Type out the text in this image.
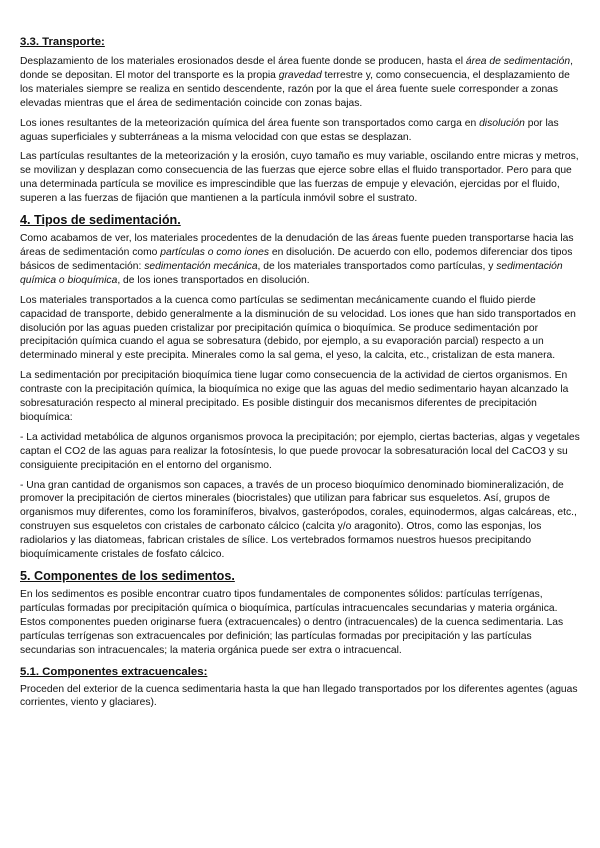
3.3. Transporte:

Desplazamiento de los materiales erosionados desde el área fuente donde se producen, hasta el área de sedimentación, donde se depositan. El motor del transporte es la propia gravedad terrestre y, como consecuencia, el desplazamiento de los materiales siempre se realiza en sentido descendente, razón por la que el área fuente suele corresponder a zonas elevadas mientras que el área de sedimentación coincide con zonas bajas.

Los iones resultantes de la meteorización química del área fuente son transportados como carga en disolución por las aguas superficiales y subterráneas a la misma velocidad con que estas se desplazan.

Las partículas resultantes de la meteorización y la erosión, cuyo tamaño es muy variable, oscilando entre micras y metros, se movilizan y desplazan como consecuencia de las fuerzas que ejerce sobre ellas el fluido transportador. Pero para que una determinada partícula se movilice es imprescindible que las fuerzas de empuje y elevación, ejercidas por el fluido, superen a las fuerzas de fijación que mantienen a la partícula inmóvil sobre el sustrato.

4. Tipos de sedimentación.

Como acabamos de ver, los materiales procedentes de la denudación de las áreas fuente pueden transportarse hacia las áreas de sedimentación como partículas o como iones en disolución. De acuerdo con ello, podemos diferenciar dos tipos básicos de sedimentación: sedimentación mecánica, de los materiales transportados como partículas, y sedimentación química o bioquímica, de los iones transportados en disolución.

Los materiales transportados a la cuenca como partículas se sedimentan mecánicamente cuando el fluido pierde capacidad de transporte, debido generalmente a la disminución de su velocidad. Los iones que han sido transportados en disolución por las aguas pueden cristalizar por precipitación química o bioquímica. Se produce sedimentación por precipitación química cuando el agua se sobresatura (debido, por ejemplo, a su evaporación parcial) respecto a un determinado mineral y este precipita. Minerales como la sal gema, el yeso, la calcita, etc., cristalizan de esta manera.

La sedimentación por precipitación bioquímica tiene lugar como consecuencia de la actividad de ciertos organismos. En contraste con la precipitación química, la bioquímica no exige que las aguas del medio sedimentario hayan alcanzado la sobresaturación respecto al mineral precipitado. Es posible distinguir dos mecanismos diferentes de precipitación bioquímica:

- La actividad metabólica de algunos organismos provoca la precipitación; por ejemplo, ciertas bacterias, algas y vegetales captan el CO2 de las aguas para realizar la fotosíntesis, lo que puede provocar la sobresaturación local del CaCO3 y su consiguiente precipitación en el entorno del organismo.

- Una gran cantidad de organismos son capaces, a través de un proceso bioquímico denominado biomineralización, de promover la precipitación de ciertos minerales (biocristales) que utilizan para fabricar sus esqueletos. Así, grupos de organismos muy diferentes, como los foraminíferos, bivalvos, gasterópodos, corales, equinodermos, algas calcáreas, etc., construyen sus esqueletos con cristales de carbonato cálcico (calcita y/o aragonito). Otros, como las esponjas, los radiolarios y las diatomeas, fabrican cristales de sílice. Los vertebrados formamos nuestros huesos precipitando bioquímicamente cristales de fosfato cálcico.

5. Componentes de los sedimentos.

En los sedimentos es posible encontrar cuatro tipos fundamentales de componentes sólidos: partículas terrígenas, partículas formadas por precipitación química o bioquímica, partículas intracuencales secundarias y materia orgánica. Estos componentes pueden originarse fuera (extracuencales) o dentro (intracuencales) de la cuenca sedimentaria. Las partículas terrígenas son extracuencales por definición; las partículas formadas por precipitación y las partículas secundarias son intracuencales; la materia orgánica puede ser extra o intracuencal.

5.1. Componentes extracuencales:

Proceden del exterior de la cuenca sedimentaria hasta la que han llegado transportados por los diferentes agentes (aguas corrientes, viento y glaciares).
